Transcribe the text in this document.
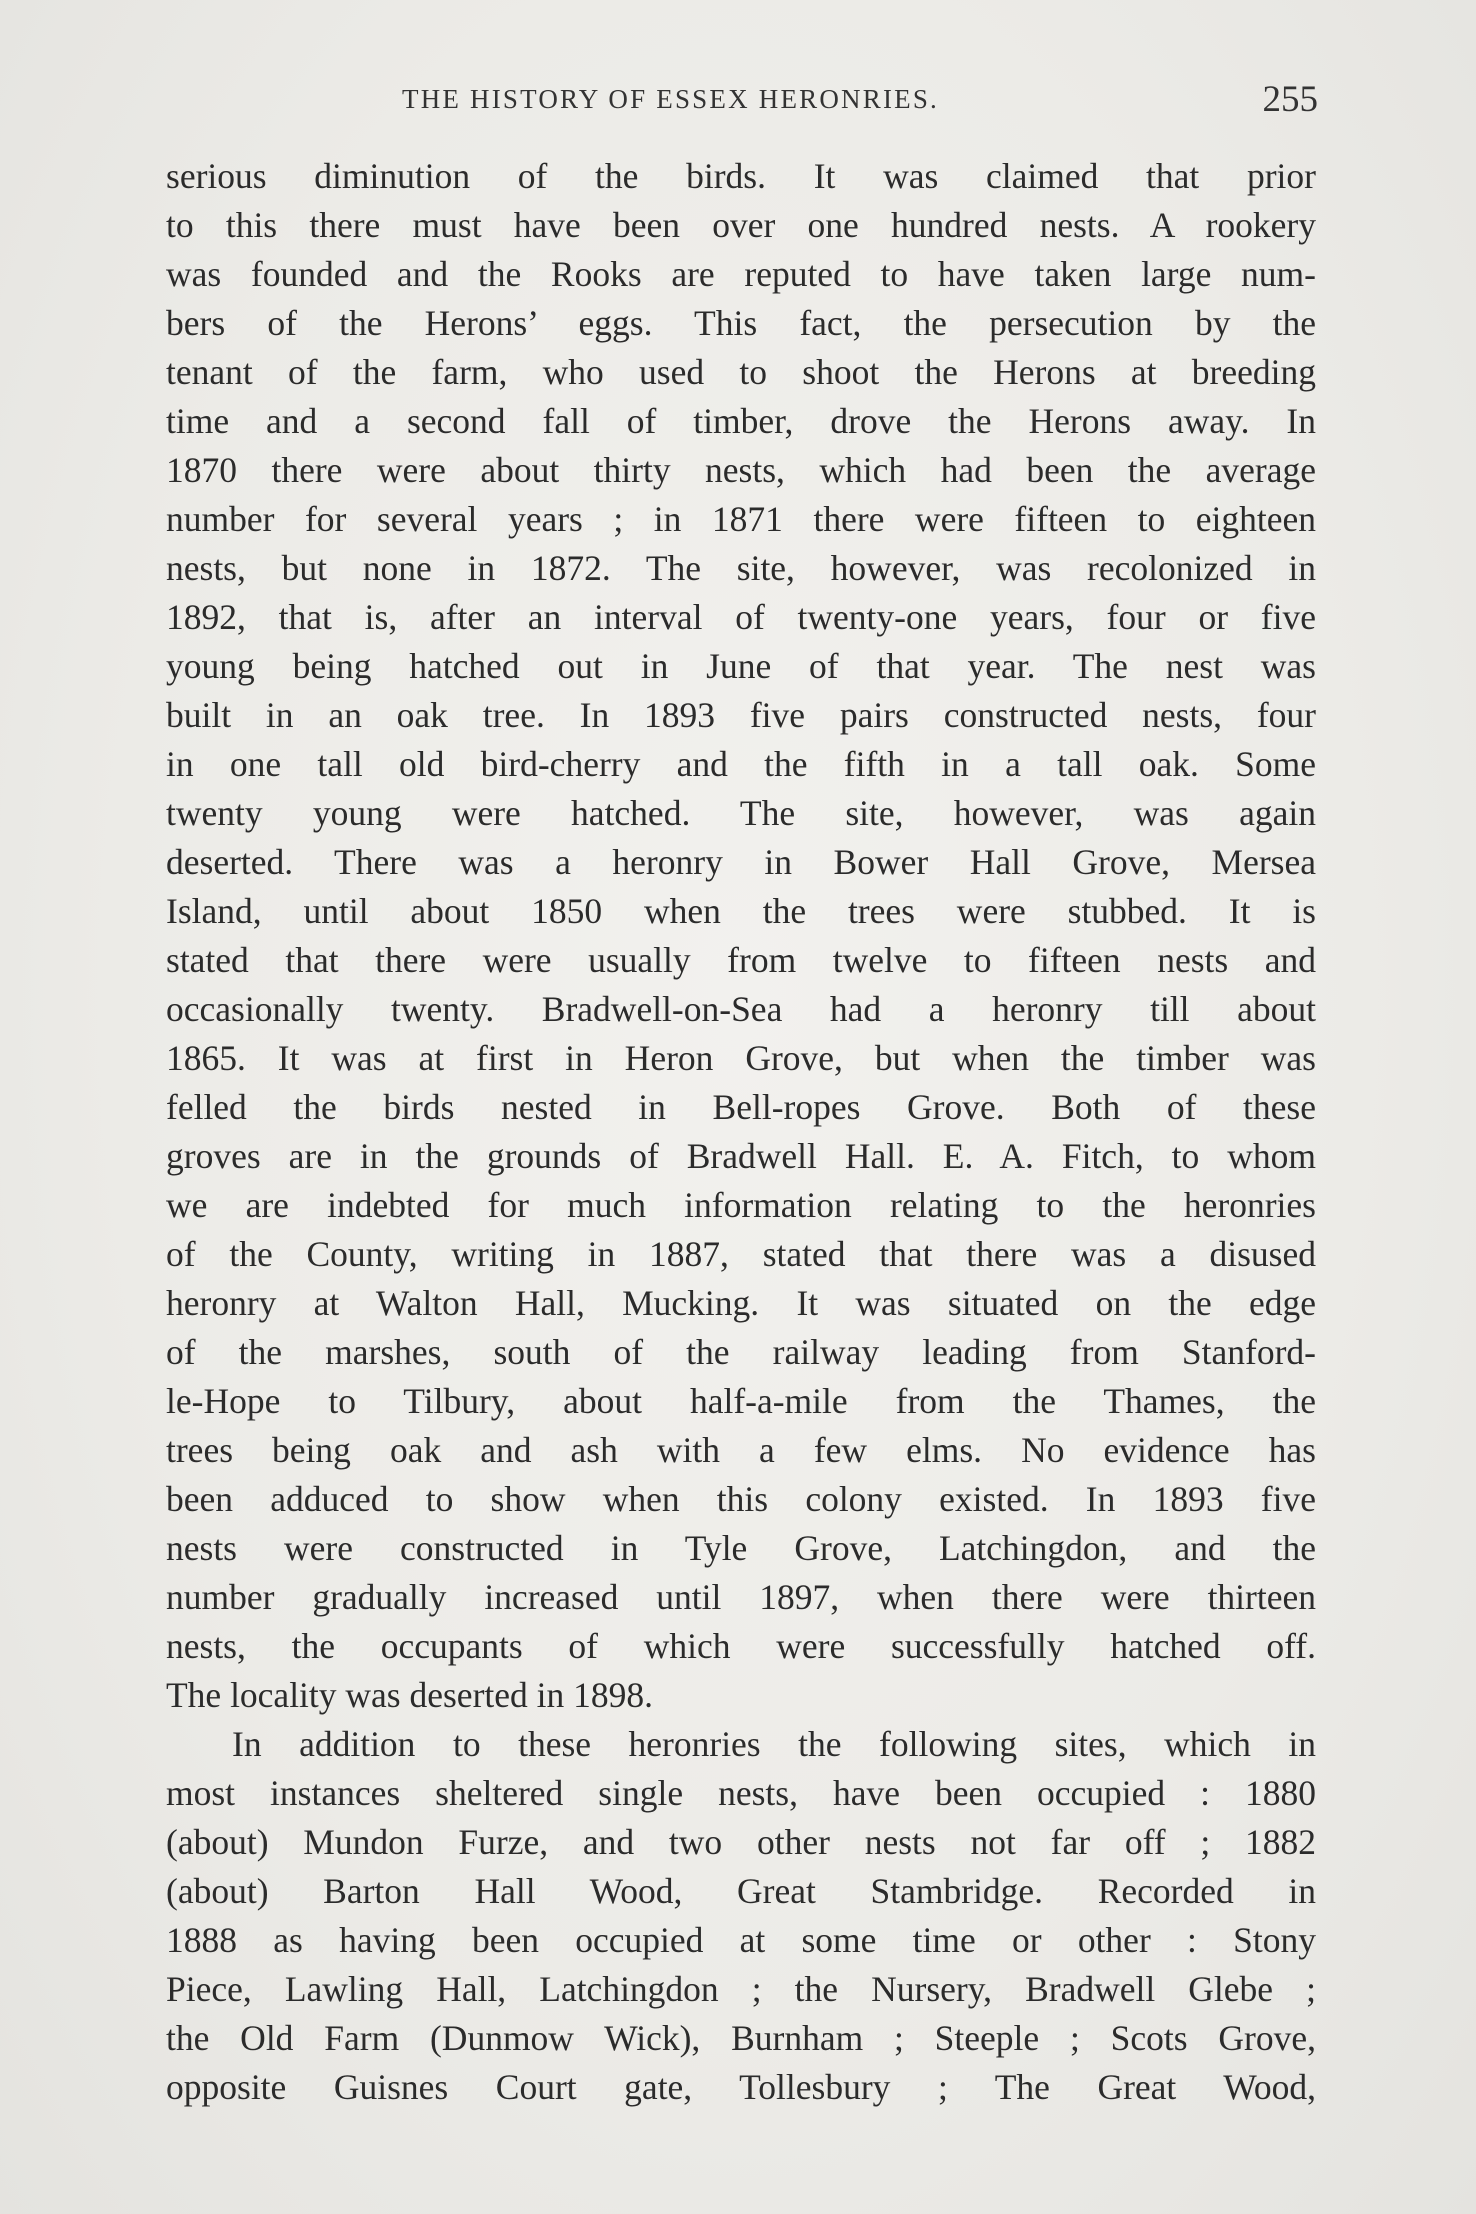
THE HISTORY OF ESSEX HERONRIES.	255
serious diminution of the birds. It was claimed that prior
to this there must have been over one hundred nests. A rookery
was founded and the Rooks are reputed to have taken large num-
bers of the Herons’ eggs. This fact, the persecution by the
tenant of the farm, who used to shoot the Herons at breeding
time and a second fall of timber, drove the Herons away. In
1870 there were about thirty nests, which had been the average
number for several years ; in 1871 there were fifteen to eighteen
nests, but none in 1872. The site, however, was recolonized in
1892, that is, after an interval of twenty-one years, four or five
young being hatched out in June of that year. The nest was
built in an oak tree. In 1893 five pairs constructed nests, four
in one tall old bird-cherry and the fifth in a tall oak. Some
twenty young were hatched. The site, however, was again
deserted. There was a heronry in Bower Hall Grove, Mersea
Island, until about 1850 when the trees were stubbed. It is
stated that there were usually from twelve to fifteen nests and
occasionally twenty. Bradwell-on-Sea had a heronry till about
1865. It was at first in Heron Grove, but when the timber was
felled the birds nested in Bell-ropes Grove. Both of these
groves are in the grounds of Bradwell Hall. E. A. Fitch, to whom
we are indebted for much information relating to the heronries
of the County, writing in 1887, stated that there was a disused
heronry at Walton Hall, Mucking. It was situated on the edge
of the marshes, south of the railway leading from Stanford-
le-Hope to Tilbury, about half-a-mile from the Thames, the
trees being oak and ash with a few elms. No evidence has
been adduced to show when this colony existed. In 1893 five
nests were constructed in Tyle Grove, Latchingdon, and the
number gradually increased until 1897, when there were thirteen
nests, the occupants of which were successfully hatched off.
The locality was deserted in 1898.
In addition to these heronries the following sites, which in
most instances sheltered single nests, have been occupied : 1880
(about) Mundon Furze, and two other nests not far off ; 1882
(about) Barton Hall Wood, Great Stambridge. Recorded in
1888 as having been occupied at some time or other : Stony
Piece, Lawling Hall, Latchingdon ; the Nursery, Bradwell Glebe ;
the Old Farm (Dunmow Wick), Burnham ; Steeple ; Scots Grove,
opposite Guisnes Court gate, Tollesbury ; The Great Wood,
